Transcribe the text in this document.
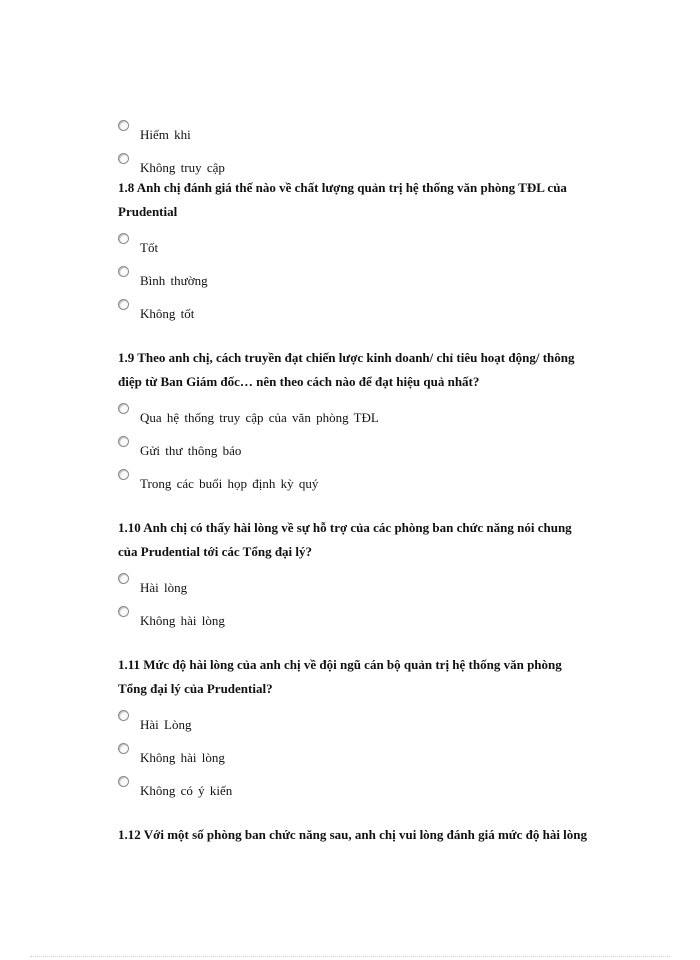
Hiếm khi
Không truy cập
1.8 Anh chị đánh giá thế nào về chất lượng quản trị hệ thống văn phòng TĐL của
Prudential
Tốt
Bình thường
Không tốt
1.9 Theo anh chị, cách truyền đạt chiến lược kinh doanh/ chỉ tiêu hoạt động/ thông
điệp từ Ban Giám đốc… nên theo cách nào để đạt hiệu quả nhất?
Qua hệ thống truy cập của văn phòng TĐL
Gửi thư thông báo
Trong các buổi họp định kỳ quý
1.10 Anh chị có thấy hài lòng về sự hỗ trợ của các phòng ban chức năng nói chung
của Prudential tới các Tổng đại lý?
Hài lòng
Không hài lòng
1.11 Mức độ hài lòng của anh chị về đội ngũ cán bộ quản trị hệ thống văn phòng
Tổng đại lý của Prudential?
Hài Lòng
Không hài lòng
Không có ý kiến
1.12 Với một số phòng ban chức năng sau, anh chị vui lòng đánh giá mức độ hài lòng
